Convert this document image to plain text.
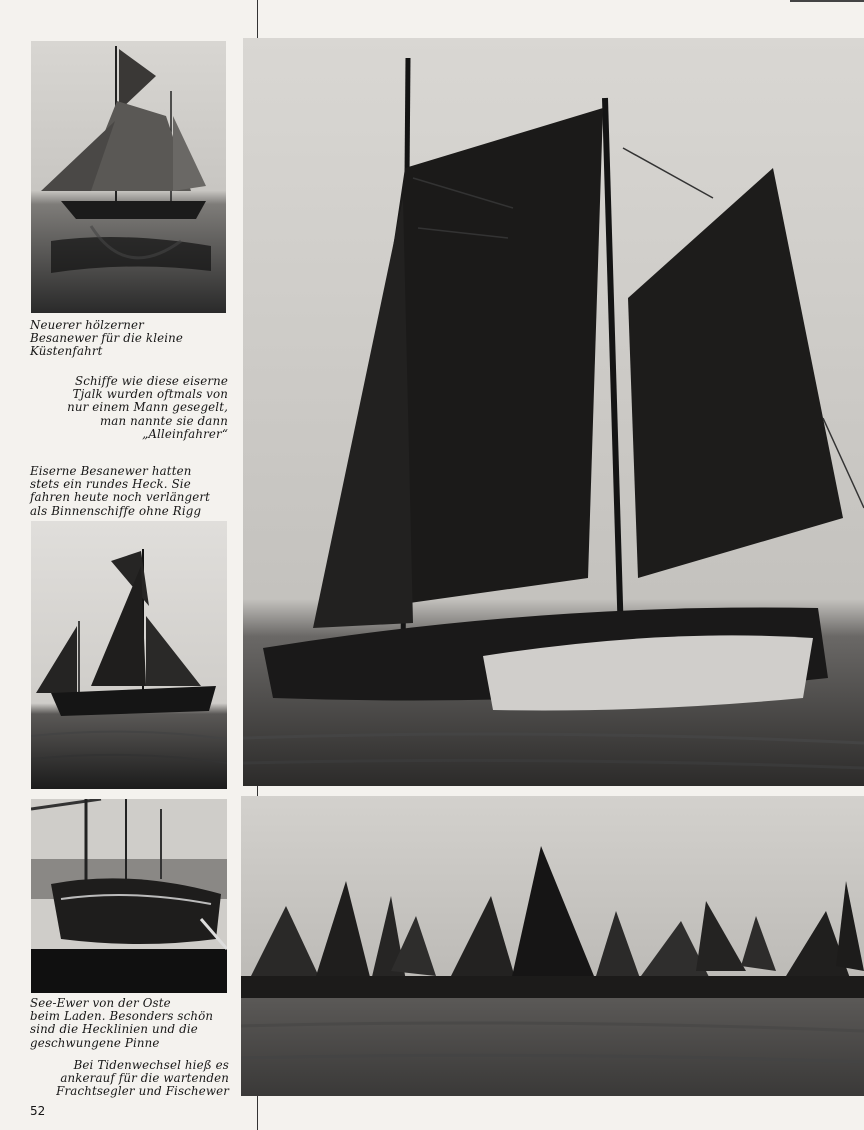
Neuerer hölzerner
Besanewer für die kleine
Küstenfahrt
Schiffe wie diese eiserne
Tjalk wurden oftmals von
nur einem Mann gesegelt,
man nannte sie dann
„Alleinfahrer“
Eiserne Besanewer hatten
stets ein rundes Heck. Sie
fahren heute noch verlängert
als Binnenschiffe ohne Rigg
See-Ewer von der Oste
beim Laden. Besonders schön
sind die Hecklinien und die
geschwungene Pinne
Bei Tidenwechsel hieß es
ankerauf für die wartenden
Frachtsegler und Fischewer
52
